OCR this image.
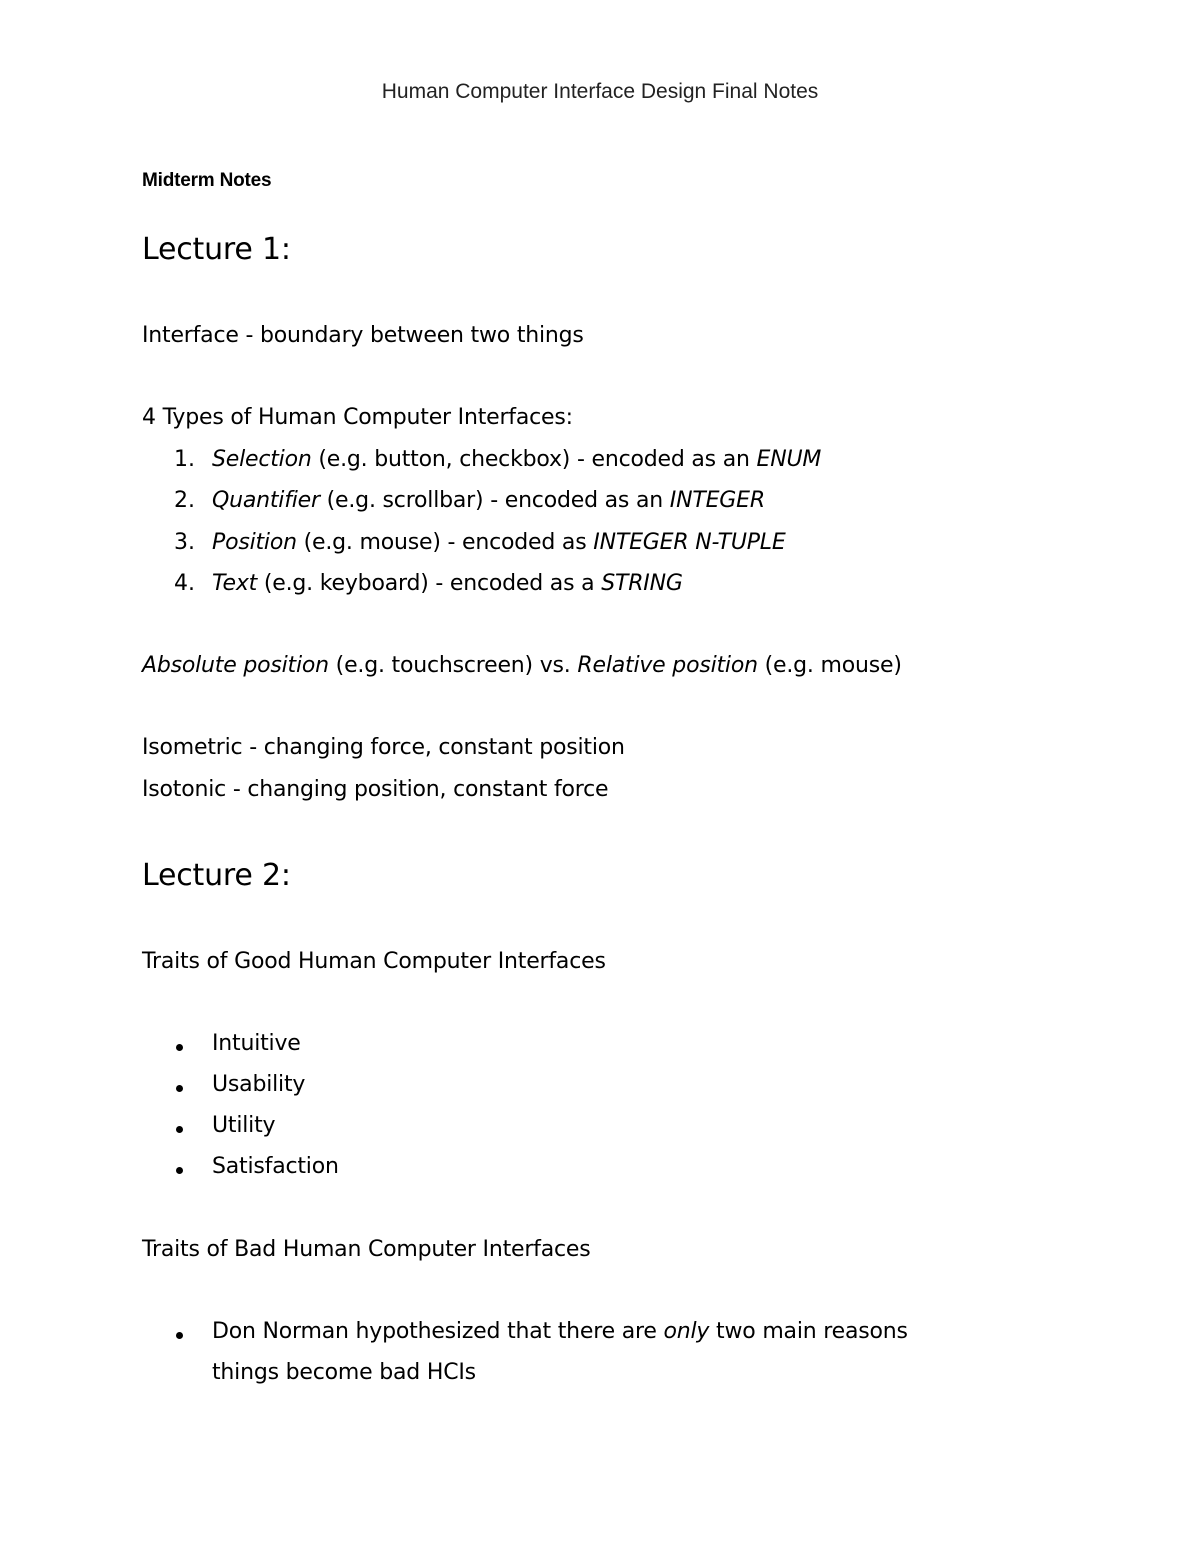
Human Computer Interface Design Final Notes
Midterm Notes
Lecture 1:
Interface - boundary between two things
4 Types of Human Computer Interfaces:
1. Selection (e.g. button, checkbox) - encoded as an ENUM
2. Quantifier (e.g. scrollbar) - encoded as an INTEGER
3. Position (e.g. mouse) - encoded as INTEGER N-TUPLE
4. Text (e.g. keyboard) - encoded as a STRING
Absolute position (e.g. touchscreen) vs. Relative position (e.g. mouse)
Isometric - changing force, constant position
Isotonic - changing position, constant force
Lecture 2:
Traits of Good Human Computer Interfaces
Intuitive
Usability
Utility
Satisfaction
Traits of Bad Human Computer Interfaces
Don Norman hypothesized that there are only two main reasons
things become bad HCIs
